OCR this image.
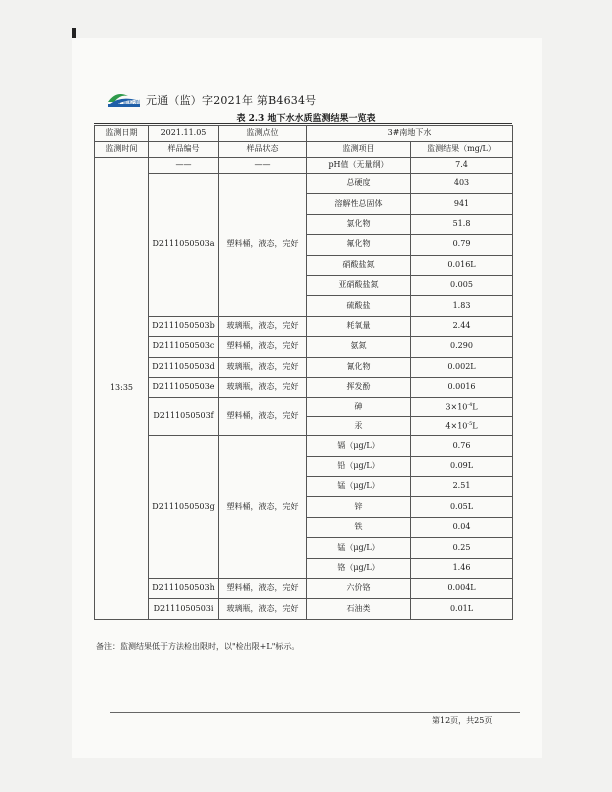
元通检测 元通（监）字2021年 第B4634号
表 2.3 地下水水质监测结果一览表
监测日期	2021.11.05	监测点位	3#南地下水	
监测时间	样品编号	样品状态	监测项目	监测结果（mg/L）
13:35	——	——	pH值（无量纲）	7.4
	D2111050503a	塑料桶，液态，完好	总硬度	403
			溶解性总固体	941
			氯化物	51.8
			氟化物	0.79
			硝酸盐氮	0.016L
			亚硝酸盐氮	0.005
			硫酸盐	1.83
	D2111050503b	玻璃瓶，液态，完好	耗氧量	2.44
	D2111050503c	塑料桶，液态，完好	氨氮	0.290
	D2111050503d	玻璃瓶，液态，完好	氰化物	0.002L
	D2111050503e	玻璃瓶，液态，完好	挥发酚	0.0016
	D2111050503f	塑料桶，液态，完好	砷	$3\times 10^{-4}L$
			汞	$4\times 10^{-5}L$
	D2111050503g	塑料桶，液态，完好	镉（μg/L）	0.76
			铅（μg/L）	0.09L
			锰（μg/L）	2.51
			锌	0.05L
			铁	0.04
			锰（μg/L）	0.25
			铬（μg/L）	1.46
	D2111050503h	塑料桶，液态，完好	六价铬	0.004L
	D2111050503i	玻璃瓶，液态，完好	石油类	0.01L
备注：监测结果低于方法检出限时，以"检出限+L"标示。
第12页，共25页
